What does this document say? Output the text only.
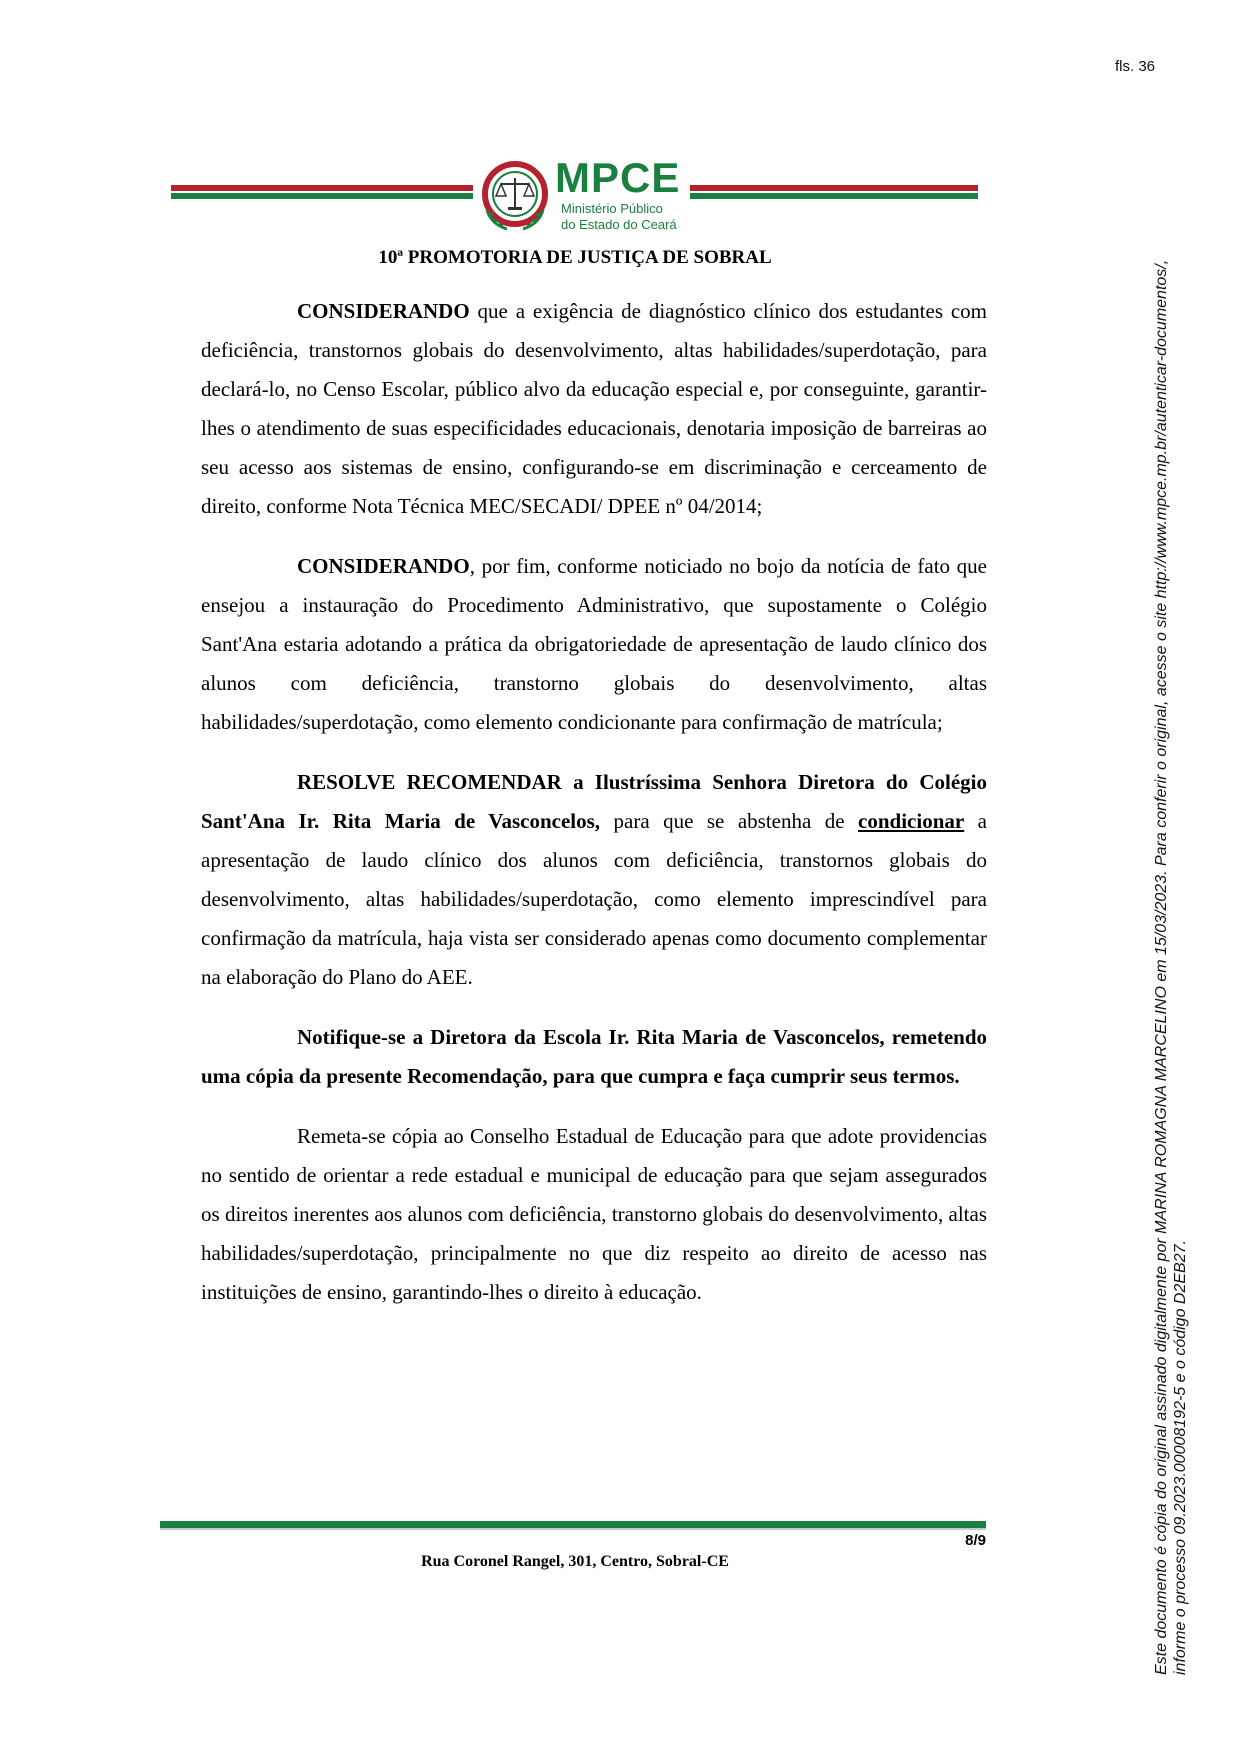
fls. 36
MPCE
Ministério Público
do Estado do Ceará
10ª PROMOTORIA DE JUSTIÇA DE SOBRAL

CONSIDERANDO que a exigência de diagnóstico clínico dos estudantes com deficiência, transtornos globais do desenvolvimento, altas habilidades/superdotação, para declará-lo, no Censo Escolar, público alvo da educação especial e, por conseguinte, garantir-lhes o atendimento de suas especificidades educacionais, denotaria imposição de barreiras ao seu acesso aos sistemas de ensino, configurando-se em discriminação e cerceamento de direito, conforme Nota Técnica MEC/SECADI/ DPEE nº 04/2014;

CONSIDERANDO, por fim, conforme noticiado no bojo da notícia de fato que ensejou a instauração do Procedimento Administrativo, que supostamente o Colégio Sant'Ana estaria adotando a prática da obrigatoriedade de apresentação de laudo clínico dos alunos com deficiência, transtorno globais do desenvolvimento, altas habilidades/superdotação, como elemento condicionante para confirmação de matrícula;

RESOLVE RECOMENDAR a Ilustríssima Senhora Diretora do Colégio Sant'Ana Ir. Rita Maria de Vasconcelos, para que se abstenha de condicionar a apresentação de laudo clínico dos alunos com deficiência, transtornos globais do desenvolvimento, altas habilidades/superdotação, como elemento imprescindível para confirmação da matrícula, haja vista ser considerado apenas como documento complementar na elaboração do Plano do AEE.

Notifique-se a Diretora da Escola Ir. Rita Maria de Vasconcelos, remetendo uma cópia da presente Recomendação, para que cumpra e faça cumprir seus termos.

Remeta-se cópia ao Conselho Estadual de Educação para que adote providencias no sentido de orientar a rede estadual e municipal de educação para que sejam assegurados os direitos inerentes aos alunos com deficiência, transtorno globais do desenvolvimento, altas habilidades/superdotação, principalmente no que diz respeito ao direito de acesso nas instituições de ensino, garantindo-lhes o direito à educação.

8/9
Rua Coronel Rangel, 301, Centro, Sobral-CE	Este documento é cópia do original assinado digitalmente por MARINA ROMAGNA MARCELINO em 15/03/2023. Para conferir o original, acesse o site http://www.mpce.mp.br/autenticar-documentos/, informe o processo 09.2023.00008192-5 e o código D2EB27.
